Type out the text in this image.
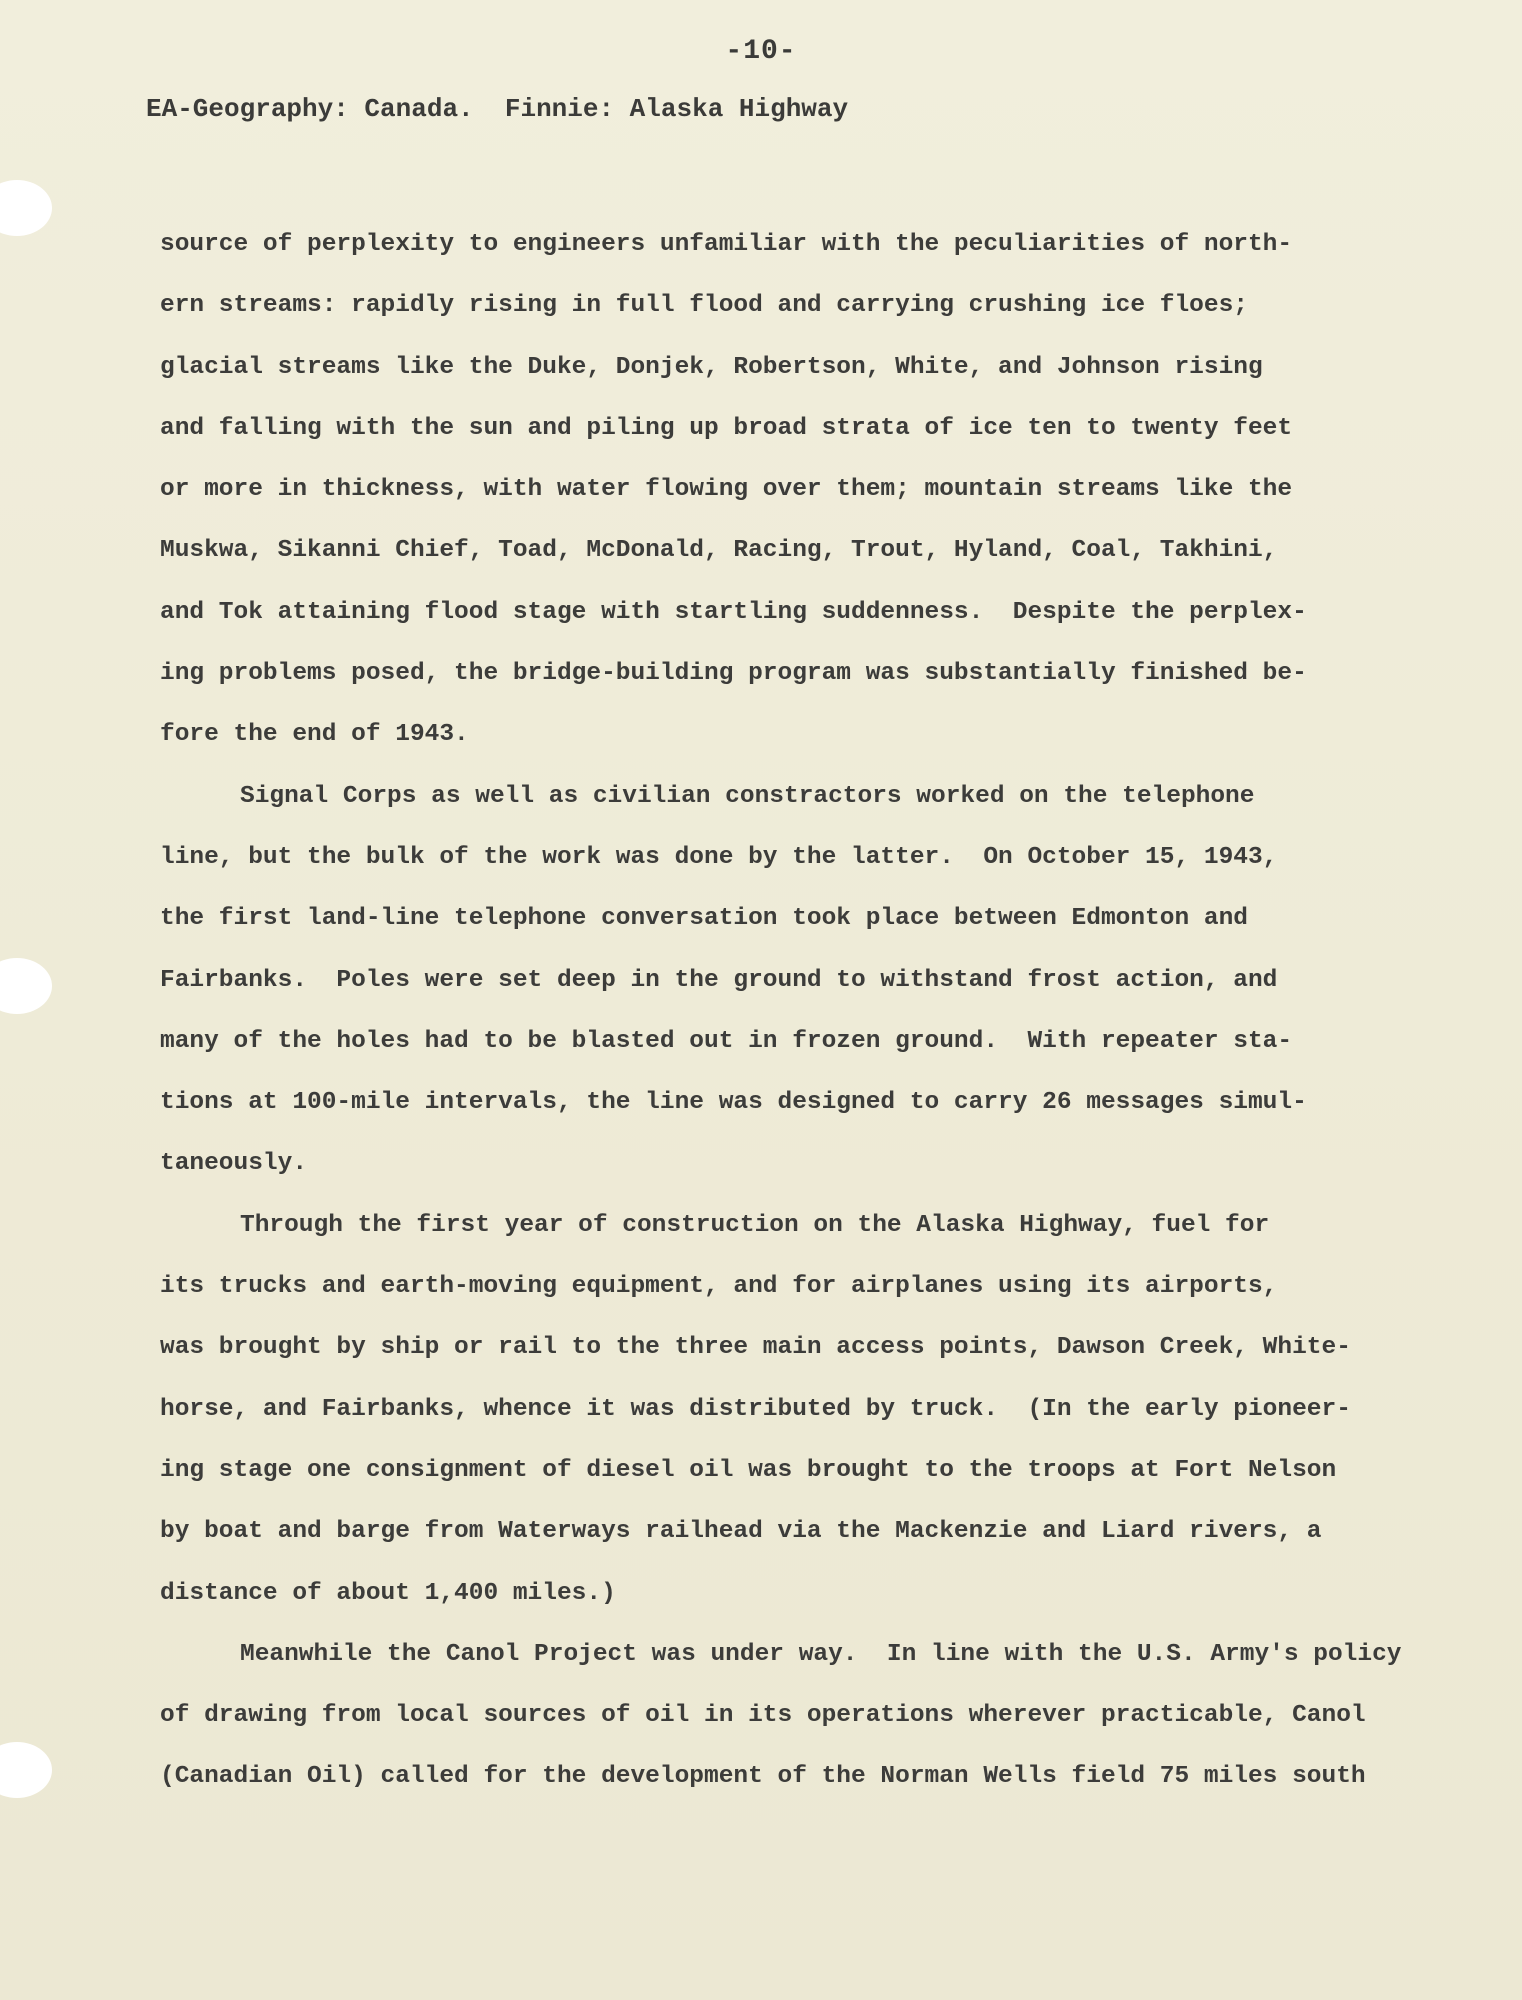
-10-
EA-Geography: Canada.  Finnie: Alaska Highway
source of perplexity to engineers unfamiliar with the peculiarities of north-
ern streams: rapidly rising in full flood and carrying crushing ice floes;
glacial streams like the Duke, Donjek, Robertson, White, and Johnson rising
and falling with the sun and piling up broad strata of ice ten to twenty feet
or more in thickness, with water flowing over them; mountain streams like the
Muskwa, Sikanni Chief, Toad, McDonald, Racing, Trout, Hyland, Coal, Takhini,
and Tok attaining flood stage with startling suddenness.  Despite the perplex-
ing problems posed, the bridge-building program was substantially finished be-
fore the end of 1943.
Signal Corps as well as civilian constractors worked on the telephone
line, but the bulk of the work was done by the latter.  On October 15, 1943,
the first land-line telephone conversation took place between Edmonton and
Fairbanks.  Poles were set deep in the ground to withstand frost action, and
many of the holes had to be blasted out in frozen ground.  With repeater sta-
tions at 100-mile intervals, the line was designed to carry 26 messages simul-
taneously.
Through the first year of construction on the Alaska Highway, fuel for
its trucks and earth-moving equipment, and for airplanes using its airports,
was brought by ship or rail to the three main access points, Dawson Creek, White-
horse, and Fairbanks, whence it was distributed by truck.  (In the early pioneer-
ing stage one consignment of diesel oil was brought to the troops at Fort Nelson
by boat and barge from Waterways railhead via the Mackenzie and Liard rivers, a
distance of about 1,400 miles.)
Meanwhile the Canol Project was under way.  In line with the U.S. Army's policy
of drawing from local sources of oil in its operations wherever practicable, Canol
(Canadian Oil) called for the development of the Norman Wells field 75 miles south
